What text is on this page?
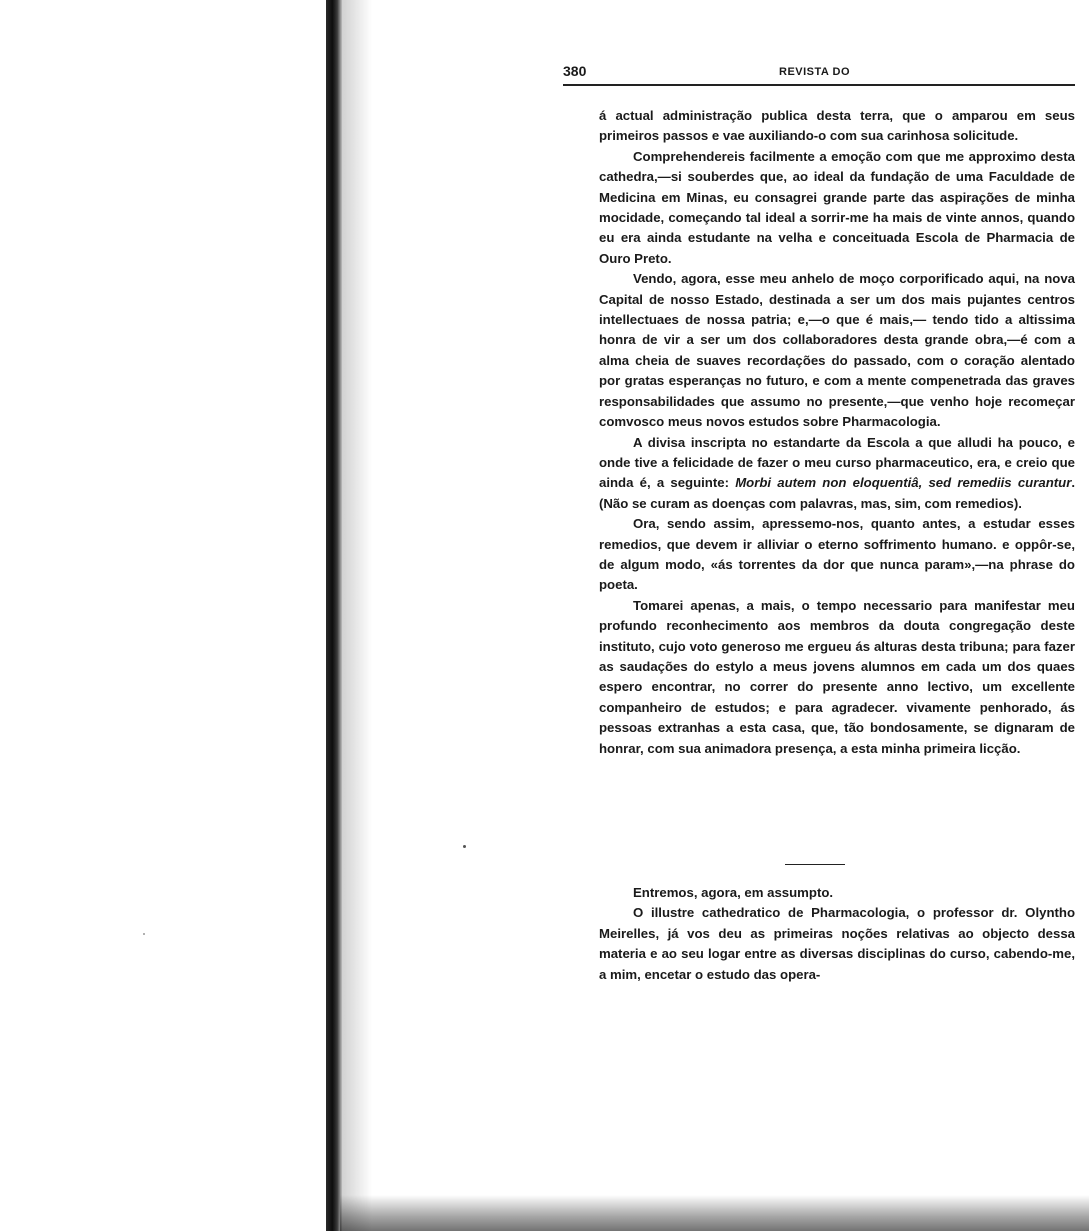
380	REVISTA DO

á actual administração publica desta terra, que o amparou em seus primeiros passos e vae auxiliando-o com sua carinhosa solicitude.

Comprehendereis facilmente a emoção com que me approximo desta cathedra,—si souberdes que, ao ideal da fundação de uma Faculdade de Medicina em Minas, eu consagrei grande parte das aspirações de minha mocidade, começando tal ideal a sorrir-me ha mais de vinte annos, quando eu era ainda estudante na velha e conceituada Escola de Pharmacia de Ouro Preto.

Vendo, agora, esse meu anhelo de moço corporificado aqui, na nova Capital de nosso Estado, destinada a ser um dos mais pujantes centros intellectuaes de nossa patria; e,—o que é mais,— tendo tido a altissima honra de vir a ser um dos collaboradores desta grande obra,—é com a alma cheia de suaves recordações do passado, com o coração alentado por gratas esperanças no futuro, e com a mente compenetrada das graves responsabilidades que assumo no presente,—que venho hoje recomeçar comvosco meus novos estudos sobre Pharmacologia.

A divisa inscripta no estandarte da Escola a que alludi ha pouco, e onde tive a felicidade de fazer o meu curso pharmaceutico, era, e creio que ainda é, a seguinte: Morbi autem non eloquentiâ, sed remediis curantur. (Não se curam as doenças com palavras, mas, sim, com remedios).

Ora, sendo assim, apressemo-nos, quanto antes, a estudar esses remedios, que devem ir alliviar o eterno soffrimento humano. e oppôr-se, de algum modo, «ás torrentes da dor que nunca param»,—na phrase do poeta.

Tomarei apenas, a mais, o tempo necessario para manifestar meu profundo reconhecimento aos membros da douta congregação deste instituto, cujo voto generoso me ergueu ás alturas desta tribuna; para fazer as saudações do estylo a meus jovens alumnos em cada um dos quaes espero encontrar, no correr do presente anno lectivo, um excellente companheiro de estudos; e para agradecer. vivamente penhorado, ás pessoas extranhas a esta casa, que, tão bondosamente, se dignaram de honrar, com sua animadora presença, a esta minha primeira licção.

Entremos, agora, em assumpto.

O illustre cathedratico de Pharmacologia, o professor dr. Olyntho Meirelles, já vos deu as primeiras noções relativas ao objecto dessa materia e ao seu logar entre as diversas disciplinas do curso, cabendo-me, a mim, encetar o estudo das opera-
